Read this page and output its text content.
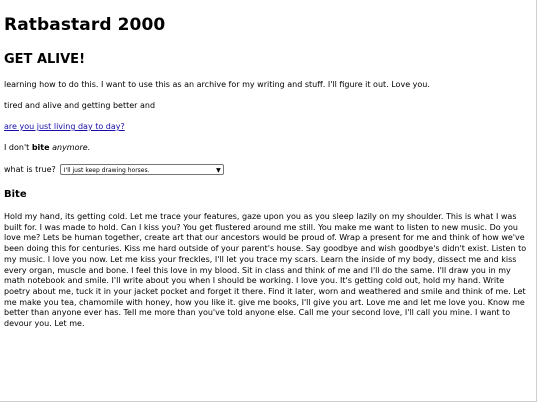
Ratbastard 2000
GET ALIVE!
learning how to do this. I want to use this as an archive for my writing and stuff. I'll figure it out. Love you.
tired and alive and getting better and
are you just living day to day?
I don't bite anymore.
what is true?	I'll just keep drawing horses.	▼
Bite

Hold my hand, its getting cold. Let me trace your features, gaze upon you as you sleep lazily on my shoulder. This is what I was built for. I was made to hold. Can I kiss you? You get flustered around me still. You make me want to listen to new music. Do you love me? Lets be human together, create art that our ancestors would be proud of. Wrap a present for me and think of how we've been doing this for centuries. Kiss me hard outside of your parent's house. Say goodbye and wish goodbye's didn't exist. Listen to my music. I love you now. Let me kiss your freckles, I'll let you trace my scars. Learn the inside of my body, dissect me and kiss every organ, muscle and bone. I feel this love in my blood. Sit in class and think of me and I'll do the same. I'll draw you in my math notebook and smile. I'll write about you when I should be working. I love you. It's getting cold out, hold my hand. Write poetry about me, tuck it in your jacket pocket and forget it there. Find it later, worn and weathered and smile and think of me. Let me make you tea, chamomile with honey, how you like it. give me books, I'll give you art. Love me and let me love you. Know me better than anyone ever has. Tell me more than you've told anyone else. Call me your second love, I'll call you mine. I want to devour you. Let me.
